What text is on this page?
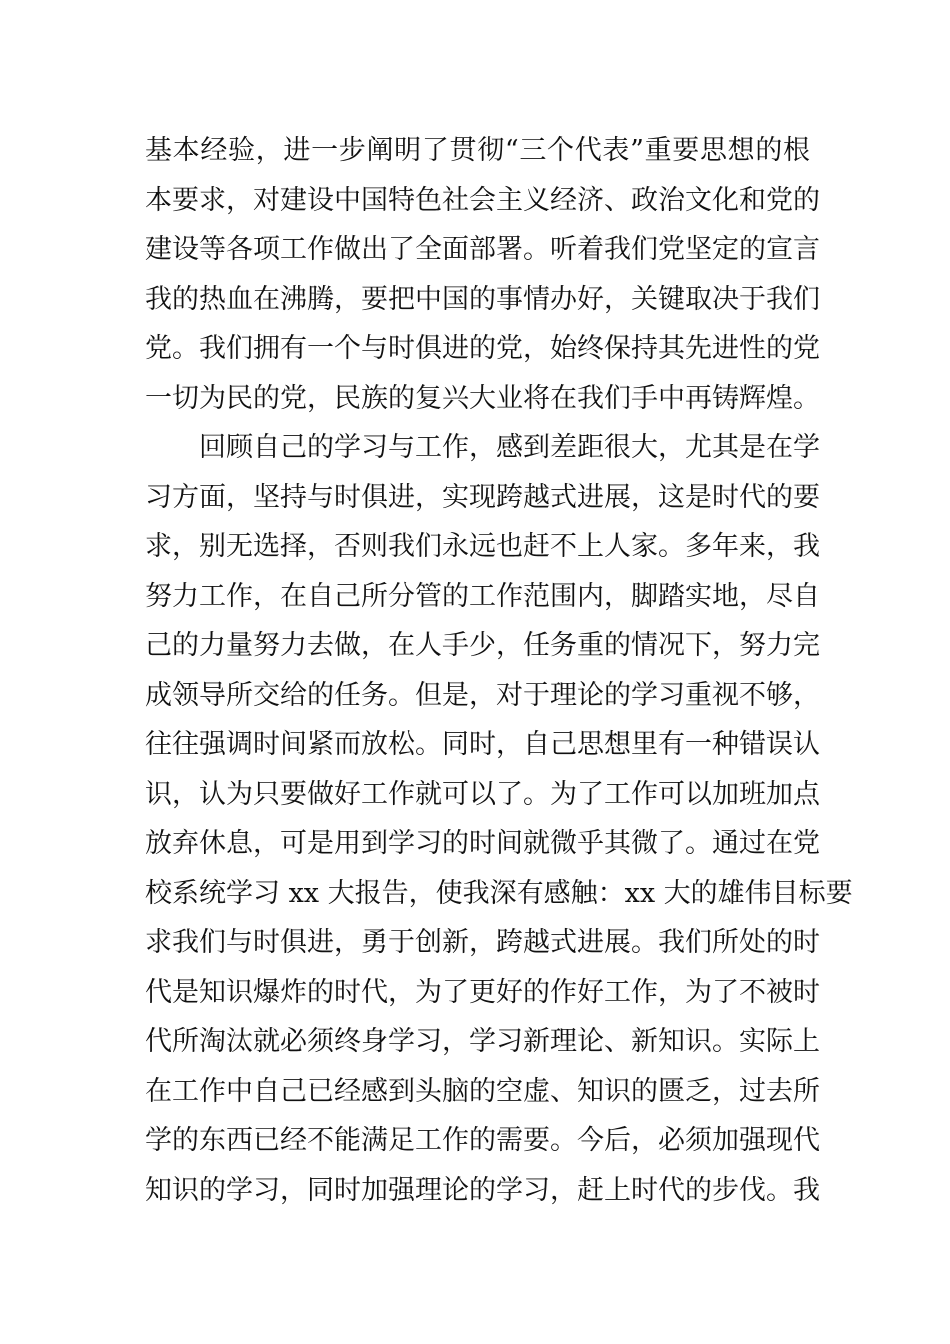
基本经验，进一步阐明了贯彻“三个代表”重要思想的根
本要求，对建设中国特色社会主义经济、政治文化和党的
建设等各项工作做出了全面部署。听着我们党坚定的宣言
我的热血在沸腾，要把中国的事情办好，关键取决于我们
党。我们拥有一个与时俱进的党，始终保持其先进性的党
一切为民的党，民族的复兴大业将在我们手中再铸辉煌。
回顾自己的学习与工作，感到差距很大，尤其是在学
习方面，坚持与时俱进，实现跨越式进展，这是时代的要
求，别无选择，否则我们永远也赶不上人家。多年来，我
努力工作，在自己所分管的工作范围内，脚踏实地，尽自
己的力量努力去做，在人手少，任务重的情况下，努力完
成领导所交给的任务。但是，对于理论的学习重视不够，
往往强调时间紧而放松。同时，自己思想里有一种错误认
识，认为只要做好工作就可以了。为了工作可以加班加点
放弃休息，可是用到学习的时间就微乎其微了。通过在党
校系统学习 xx 大报告，使我深有感触：xx 大的雄伟目标要
求我们与时俱进，勇于创新，跨越式进展。我们所处的时
代是知识爆炸的时代，为了更好的作好工作，为了不被时
代所淘汰就必须终身学习，学习新理论、新知识。实际上
在工作中自己已经感到头脑的空虚、知识的匮乏，过去所
学的东西已经不能满足工作的需要。今后，必须加强现代
知识的学习，同时加强理论的学习，赶上时代的步伐。我
